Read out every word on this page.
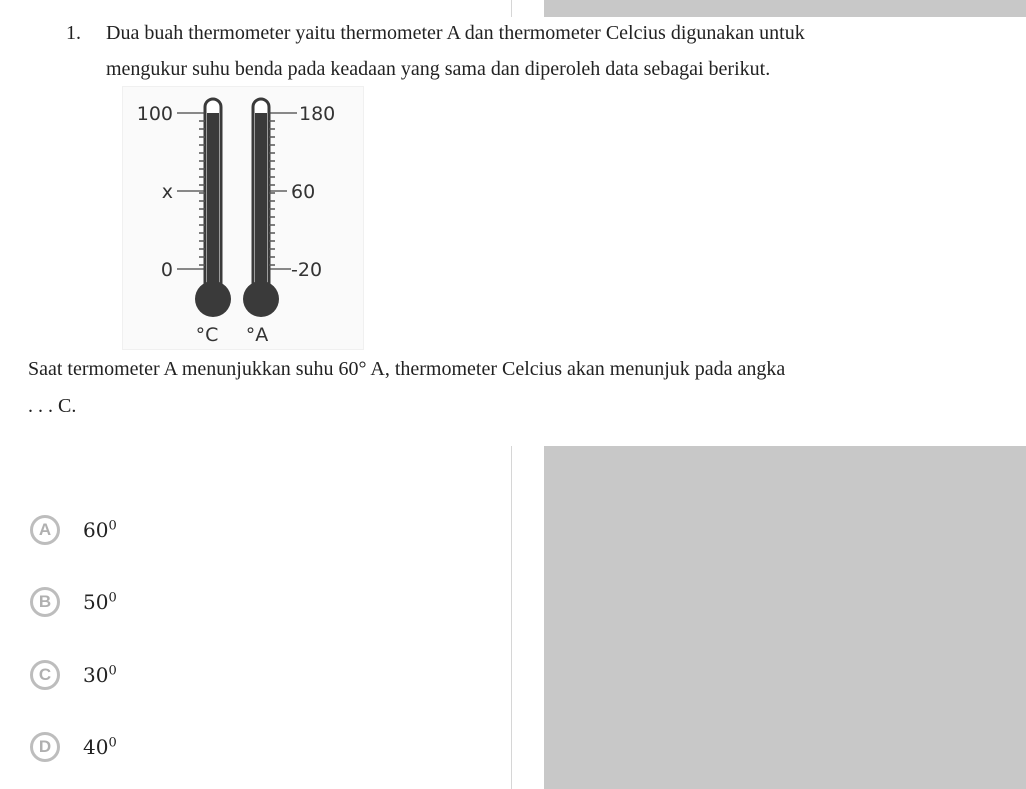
1. Dua buah thermometer yaitu thermometer A dan thermometer Celcius digunakan untuk
mengukur suhu benda pada keadaan yang sama dan diperoleh data sebagai berikut.
100
x
0
180
60
-20
°C °A
Saat termometer A menunjukkan suhu 60° A, thermometer Celcius akan menunjuk pada angka
. . . C.
A	$60^0$
B	$50^0$
C	$30^0$
D	$40^0$
